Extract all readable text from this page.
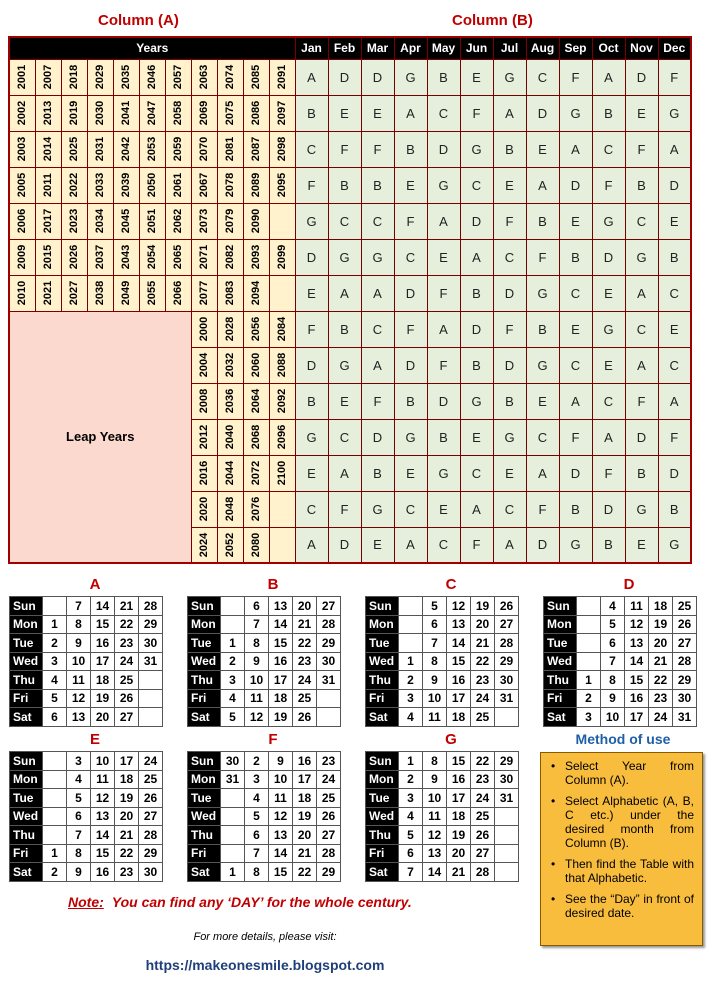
Column (A)	Column (B)
Years											Jan	Feb	Mar	Apr	May	Jun	Jul	Aug	Sep	Oct	Nov	Dec
2001	2007	2018	2029	2035	2046	2057	2063	2074	2085	2091	A	D	D	G	B	E	G	C	F	A	D	F
2002	2013	2019	2030	2041	2047	2058	2069	2075	2086	2097	B	E	E	A	C	F	A	D	G	B	E	G
2003	2014	2025	2031	2042	2053	2059	2070	2081	2087	2098	C	F	F	B	D	G	B	E	A	C	F	A
2005	2011	2022	2033	2039	2050	2061	2067	2078	2089	2095	F	B	B	E	G	C	E	A	D	F	B	D
2006	2017	2023	2034	2045	2051	2062	2073	2079	2090		G	C	C	F	A	D	F	B	E	G	C	E
2009	2015	2026	2037	2043	2054	2065	2071	2082	2093	2099	D	G	G	C	E	A	C	F	B	D	G	B
2010	2021	2027	2038	2049	2055	2066	2077	2083	2094		E	A	A	D	F	B	D	G	C	E	A	C
Leap Years							2000	2028	2056	2084	F	B	C	F	A	D	F	B	E	G	C	E
							2004	2032	2060	2088	D	G	A	D	F	B	D	G	C	E	A	C
							2008	2036	2064	2092	B	E	F	B	D	G	B	E	A	C	F	A
							2012	2040	2068	2096	G	C	D	G	B	E	G	C	F	A	D	F
							2016	2044	2072	2100	E	A	B	E	G	C	E	A	D	F	B	D
							2020	2048	2076		C	F	G	C	E	A	C	F	B	D	G	B
							2024	2052	2080		A	D	E	A	C	F	A	D	G	B	E	G
A
Sun		7	14	21	28
Mon	1	8	15	22	29
Tue	2	9	16	23	30
Wed	3	10	17	24	31
Thu	4	11	18	25	
Fri	5	12	19	26	
Sat	6	13	20	27	
B
Sun		6	13	20	27
Mon		7	14	21	28
Tue	1	8	15	22	29
Wed	2	9	16	23	30
Thu	3	10	17	24	31
Fri	4	11	18	25	
Sat	5	12	19	26	
C
Sun		5	12	19	26
Mon		6	13	20	27
Tue		7	14	21	28
Wed	1	8	15	22	29
Thu	2	9	16	23	30
Fri	3	10	17	24	31
Sat	4	11	18	25	
D
Sun		4	11	18	25
Mon		5	12	19	26
Tue		6	13	20	27
Wed		7	14	21	28
Thu	1	8	15	22	29
Fri	2	9	16	23	30
Sat	3	10	17	24	31
E
Sun		3	10	17	24
Mon		4	11	18	25
Tue		5	12	19	26
Wed		6	13	20	27
Thu		7	14	21	28
Fri	1	8	15	22	29
Sat	2	9	16	23	30
F
Sun	30	2	9	16	23
Mon	31	3	10	17	24
Tue		4	11	18	25
Wed		5	12	19	26
Thu		6	13	20	27
Fri		7	14	21	28
Sat	1	8	15	22	29
G
Sun	1	8	15	22	29
Mon	2	9	16	23	30
Tue	3	10	17	24	31
Wed	4	11	18	25	
Thu	5	12	19	26	
Fri	6	13	20	27	
Sat	7	14	21	28	
Method of use
• Select Year from Column (A).
• Select Alphabetic (A, B, C etc.) under the desired month from Column (B).
• Then find the Table with that Alphabetic.
• See the “Day” in front of desired date.
Note: You can find any ‘DAY’ for the whole century.
For more details, please visit:
https://makeonesmile.blogspot.com
